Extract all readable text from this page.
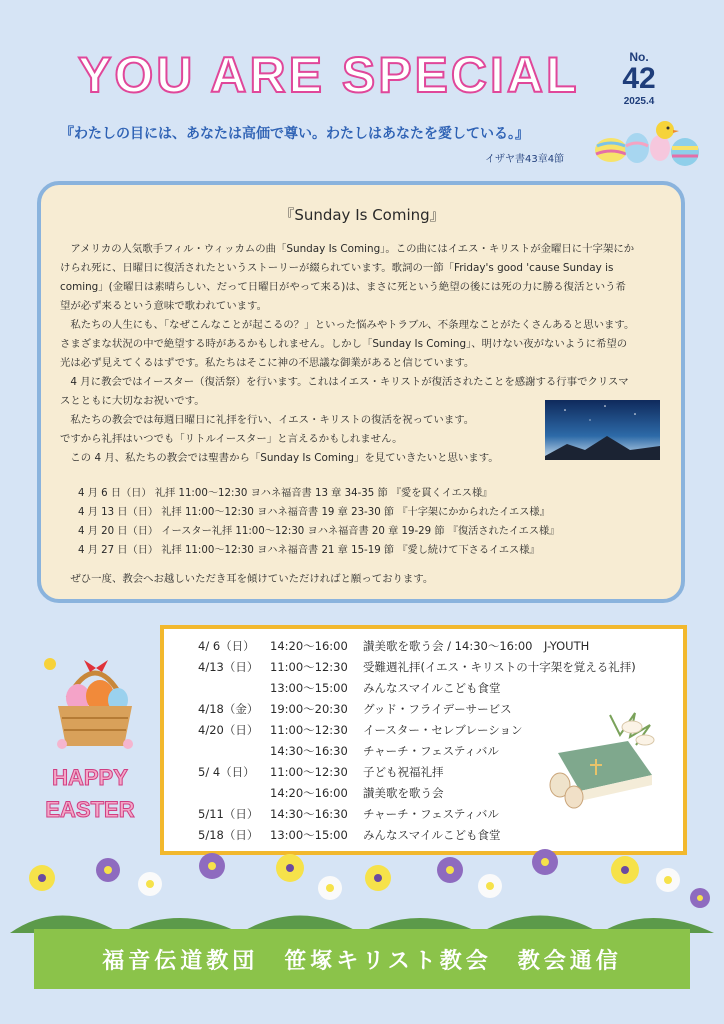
YOU ARE SPECIAL	No.
42
2025.4
『わたしの目には、あなたは高価で尊い。わたしはあなたを愛している。』
イザヤ書43章4節
『Sunday Is Coming』
　アメリカの人気歌手フィル・ウィッカムの曲「Sunday Is Coming」。この曲にはイエス・キリストが金曜日に十字架にか
けられ死に、日曜日に復活されたというストーリーが綴られています。歌詞の一節「Friday's good 'cause Sunday is
coming」(金曜日は素晴らしい、だって日曜日がやって来る)は、まさに死という絶望の後には死の力に勝る復活という希
望が必ず来るという意味で歌われています。
　私たちの人生にも、「なぜこんなことが起こるの？」といった悩みやトラブル、不条理なことがたくさんあると思います。
さまざまな状況の中で絶望する時があるかもしれません。しかし「Sunday Is Coming」、明けない夜がないように希望の
光は必ず見えてくるはずです。私たちはそこに神の不思議な御業があると信じています。
　4 月に教会ではイースター（復活祭）を行います。これはイエス・キリストが復活されたことを感謝する行事でクリスマ
スとともに大切なお祝いです。
　私たちの教会では毎週日曜日に礼拝を行い、イエス・キリストの復活を祝っています。
ですから礼拝はいつでも「リトルイースター」と言えるかもしれません。
　この 4 月、私たちの教会では聖書から「Sunday Is Coming」を見ていきたいと思います。
4 月 6 日（日） 礼拝 11:00～12:30 ヨハネ福音書 13 章 34-35 節 『愛を貫くイエス様』
4 月 13 日（日） 礼拝 11:00～12:30 ヨハネ福音書 19 章 23-30 節 『十字架にかかられたイエス様』
4 月 20 日（日） イースター礼拝 11:00～12:30 ヨハネ福音書 20 章 19-29 節 『復活されたイエス様』
4 月 27 日（日） 礼拝 11:00～12:30 ヨハネ福音書 21 章 15-19 節 『愛し続けて下さるイエス様』
　ぜひ一度、教会へお越しいただき耳を傾けていただければと願っております。
HAPPY
EASTER
4/ 6（日） 14:20～16:00 讃美歌を歌う会 / 14:30～16:00　J-YOUTH
4/13（日） 11:00～12:30 受難週礼拝(イエス・キリストの十字架を覚える礼拝)
13:00～15:00 みんなスマイルこども食堂
4/18（金） 19:00～20:30 グッド・フライデーサービス
4/20（日） 11:00～12:30 イースター・セレブレーション
14:30～16:30 チャーチ・フェスティバル
5/ 4（日） 11:00～12:30 子ども祝福礼拝
14:20～16:00 讃美歌を歌う会
5/11（日） 14:30～16:30 チャーチ・フェスティバル
5/18（日） 13:00～15:00 みんなスマイルこども食堂
福音伝道教団　笹塚キリスト教会　教会通信
